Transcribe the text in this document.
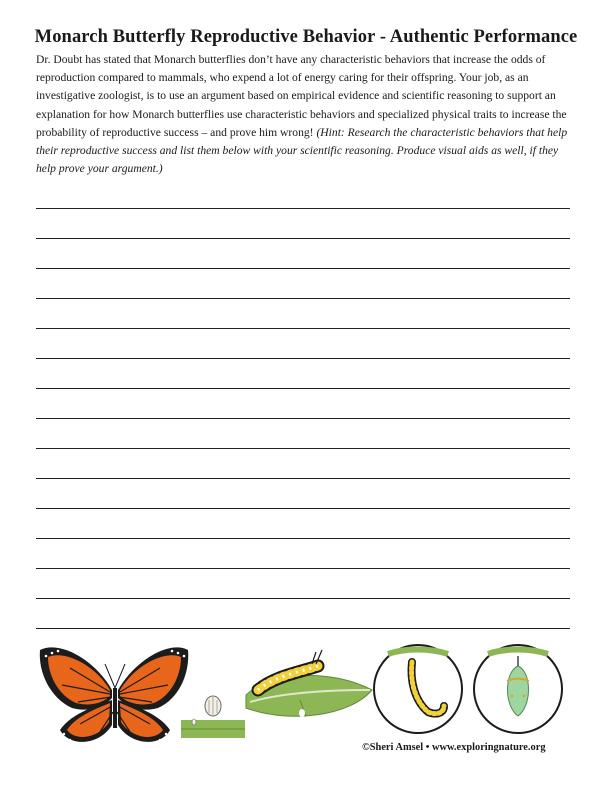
Monarch Butterfly Reproductive Behavior - Authentic Performance
Dr. Doubt has stated that Monarch butterflies don’t have any characteristic behaviors that increase the odds of reproduction compared to mammals, who expend a lot of energy caring for their offspring. Your job, as an investigative zoologist, is to use an argument based on empirical evidence and scientific reasoning to support an explanation for how Monarch butterflies use characteristic behaviors and specialized physical traits to increase the probability of reproductive success – and prove him wrong! (Hint: Research the characteristic behaviors that help their reproductive success and list them below with your scientific reasoning. Produce visual aids as well, if they help prove your argument.)
©Sheri Amsel • www.exploringnature.org
